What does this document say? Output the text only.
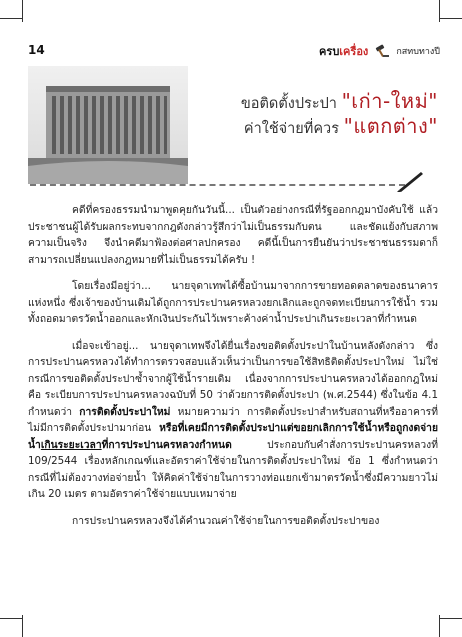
14	ครบเครื่อง	กสทบทางปี
ขอติดตั้งประปา " เก่า-ใหม่ "
ค่าใช้จ่ายที่ควร " แตกต่าง "

คดีที่ครองธรรมนำมาพูดคุยกันวันนี้... เป็นตัวอย่างกรณีที่รัฐออกกฎมาบังคับใช้ แล้วประชาชนผู้ได้รับผลกระทบจากกฎดังกล่าวรู้สึกว่าไม่เป็นธรรมกับตน และชัดแย้งกับสภาพความเป็นจริง จึงนำคดีมาฟ้องต่อศาลปกครอง คดีนี้เป็นการยืนยันว่าประชาชนธรรมดาก็สามารถเปลี่ยนแปลงกฎหมายที่ไม่เป็นธรรมได้ครับ !

โดยเรื่องมีอยู่ว่า... นายจุดาเทพได้ซื้อบ้านมาจากการขายทอดตลาดของธนาคารแห่งหนึ่ง ซึ่งเจ้าของบ้านเดิมได้ถูกการประปานครหลวงยกเลิกและถูกจดทะเบียนการใช้น้ำ รวมทั้งถอดมาตรวัดน้ำออกและหักเงินประกันไว้เพราะค้างค่าน้ำประปาเกินระยะเวลาที่กำหนด

เมื่อจะเข้าอยู่... นายจุดาเทพจึงได้ยื่นเรื่องขอติดตั้งประปาในบ้านหลังดังกล่าว ซึ่งการประปานครหลวงได้ทำการตรวจสอบแล้วเห็นว่าเป็นการขอใช้สิทธิติดตั้งประปาใหม่ ไม่ใช่กรณีการขอติดตั้งประปาซ้ำจากผู้ใช้น้ำรายเดิม เนื่องจากการประปานครหลวงได้ออกกฎใหม่คือ ระเบียบการประปานครหลวงฉบับที่ 50 ว่าด้วยการติดตั้งประปา (พ.ศ.2544) ซึ่งในข้อ 4.1 กำหนดว่า การติดตั้งประปาใหม่ หมายความว่า การติดตั้งประปาสำหรับสถานที่หรืออาคารที่ไม่มีการติดตั้งประปามาก่อน หรือที่เคยมีการติดตั้งประปาแต่ขอยกเลิกการใช้น้ำหรือถูกงดจ่ายน้ำเกินระยะเวลาที่การประปานครหลวงกำหนด	ประกอบกับคำสั่งการประปานครหลวงที่ 109/2544 เรื่องหลักเกณฑ์และอัตราค่าใช้จ่ายในการติดตั้งประปาใหม่ ข้อ 1 ซึ่งกำหนดว่า กรณีที่ไม่ต้องวางท่อจ่ายน้ำ ให้คิดค่าใช้จ่ายในการวางท่อแยกเข้ามาตรวัดน้ำซึ่งมีความยาวไม่เกิน 20 เมตร ตามอัตราค่าใช้จ่ายแบบเหมาจ่าย

การประปานครหลวงจึงได้คำนวณค่าใช้จ่ายในการขอติดตั้งประปาของ
